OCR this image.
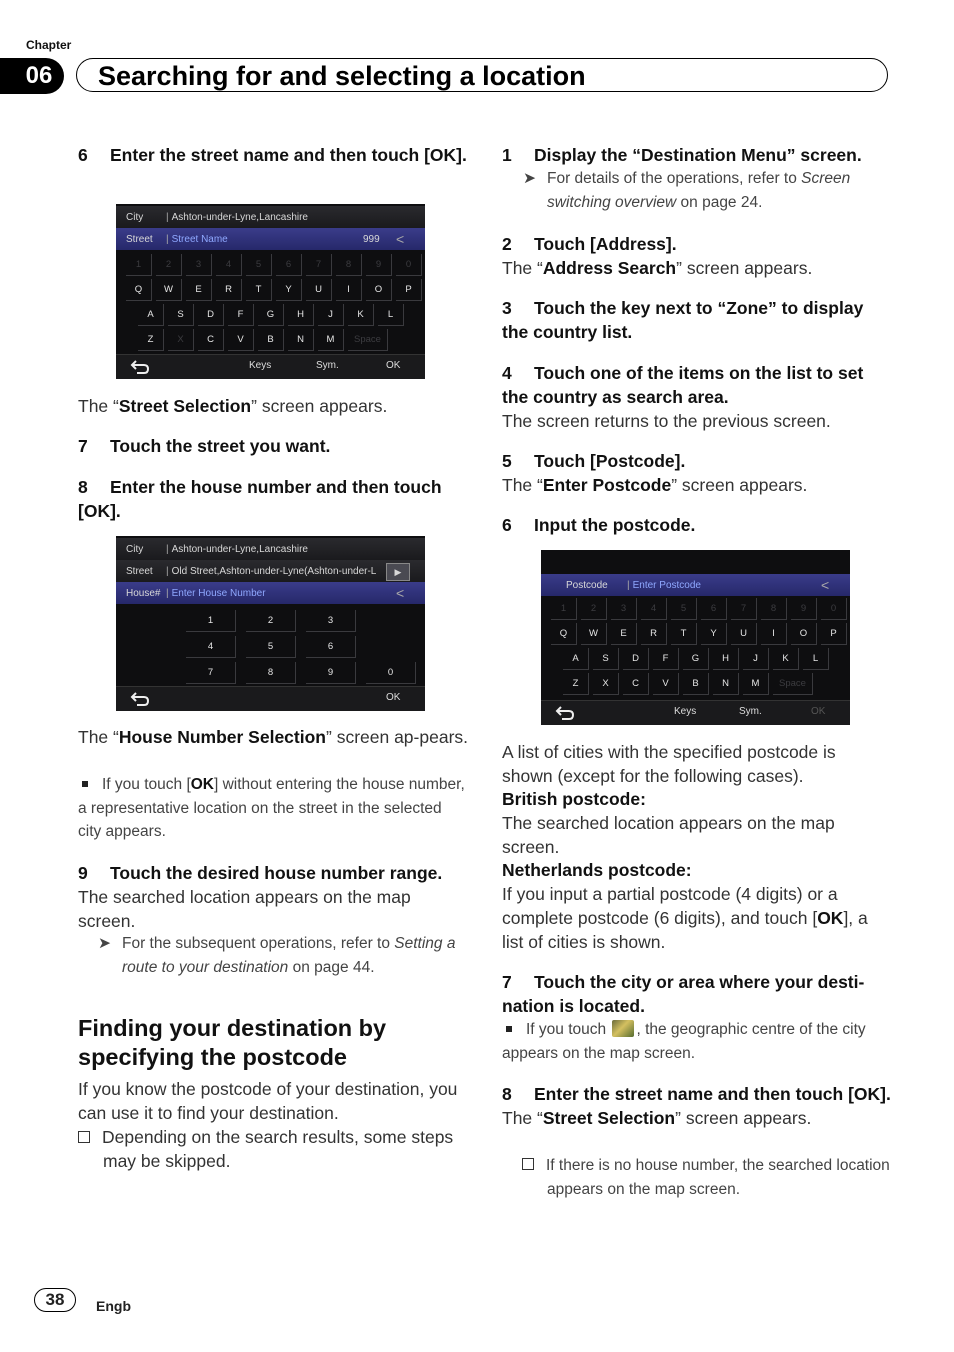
Chapter
06	Searching for and selecting a location
6 Enter the street name and then touch [OK].
City	| Ashton-under-Lyne,Lancashire
Street	| Street Name	999 <
1	2	3	4	5	6	7	8	9	0
Q	W	E	R	T	Y	U	I	O	P
A	S	D	F	G	H	J	K	L
Z	X	C	V	B	N	M	Space
Keys	Sym.	OK
The “Street Selection” screen appears.
7 Touch the street you want.
8 Enter the house number and then touch [OK].
City	| Ashton-under-Lyne,Lancashire
Street	| Old Street,Ashton-under-Lyne(Ashton-under-L	▶
House# | Enter House Number	<
1	2	3
4	5	6
7	8	9	0
OK
The “House Number Selection” screen ap-pears.
If you touch [OK] without entering the house number, a representative location on the street in the selected city appears.
9 Touch the desired house number range.
The searched location appears on the map screen.
➤ For the subsequent operations, refer to Setting a route to your destination on page 44.
Finding your destination by specifying the postcode
If you know the postcode of your destination, you can use it to find your destination.
Depending on the search results, some steps may be skipped.
1 Display the “Destination Menu” screen.
➤ For details of the operations, refer to Screen switching overview on page 24.
2 Touch [Address].
The “Address Search” screen appears.
3 Touch the key next to “Zone” to display the country list.
4 Touch one of the items on the list to set the country as search area.
The screen returns to the previous screen.
5 Touch [Postcode].
The “Enter Postcode” screen appears.
6 Input the postcode.
Postcode	| Enter Postcode	<
1	2	3	4	5	6	7	8	9	0
Q	W	E	R	T	Y	U	I	O	P
A	S	D	F	G	H	J	K	L
Z	X	C	V	B	N	M	Space
Keys	Sym.	OK
A list of cities with the specified postcode is shown (except for the following cases).
British postcode:
The searched location appears on the map screen.
Netherlands postcode:
If you input a partial postcode (4 digits) or a complete postcode (6 digits), and touch [OK], a list of cities is shown.
7 Touch the city or area where your desti-nation is located.
If you touch , the geographic centre of the city appears on the map screen.
8 Enter the street name and then touch [OK].
The “Street Selection” screen appears.
If there is no house number, the searched location appears on the map screen.
38	Engb
